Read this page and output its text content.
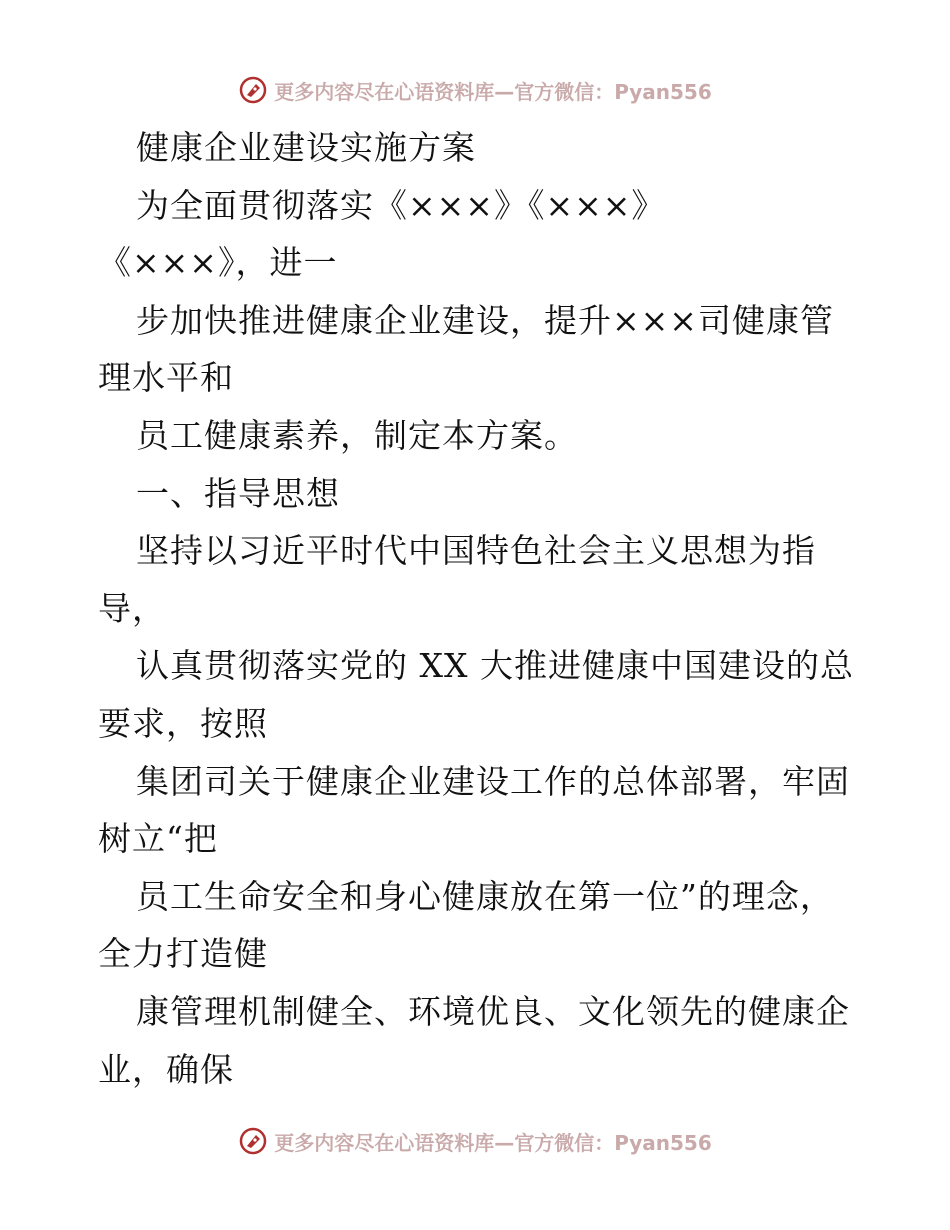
更多内容尽在心语资料库—官方微信：Pyan556
健康企业建设实施方案
为全面贯彻落实《×××》《×××》
《×××》，进一
步加快推进健康企业建设，提升×××司健康管
理水平和
员工健康素养，制定本方案。
一、指导思想
坚持以习近平时代中国特色社会主义思想为指
导，
认真贯彻落实党的 XX 大推进健康中国建设的总
要求，按照
集团司关于健康企业建设工作的总体部署，牢固
树立“把
员工生命安全和身心健康放在第一位”的理念，
全力打造健
康管理机制健全、环境优良、文化领先的健康企
业，确保
更多内容尽在心语资料库—官方微信：Pyan556
